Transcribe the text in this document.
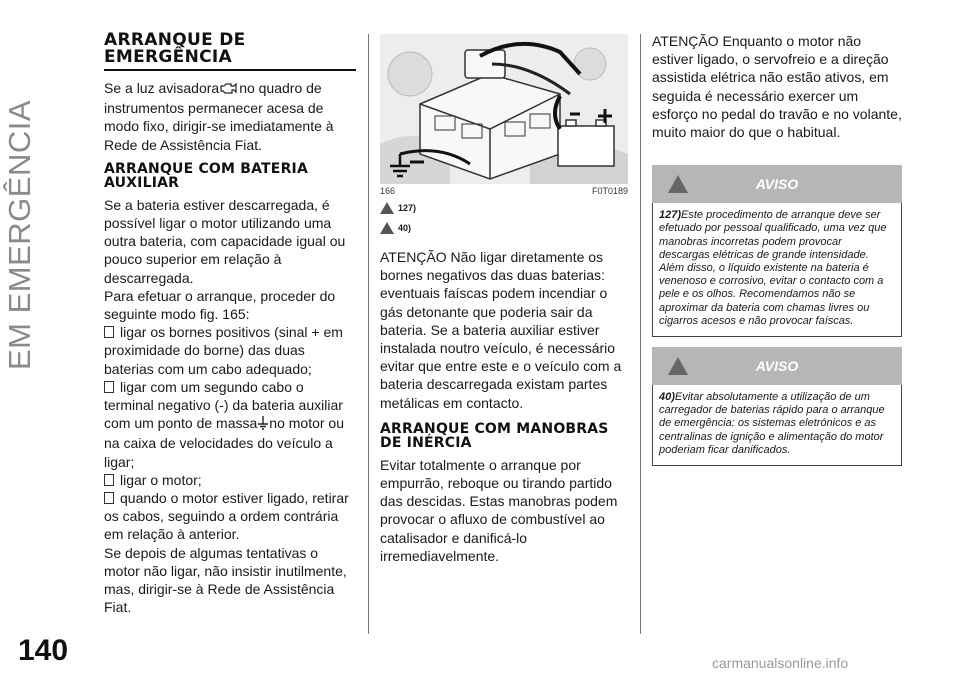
EM EMERGÊNCIA
140	carmanualsonline.info
ARRANQUE DE EMERGÊNCIA

Se a luz avisadora no quadro de instrumentos permanecer acesa de modo fixo, dirigir-se imediatamente à Rede de Assistência Fiat.

ARRANQUE COM BATERIA AUXILIAR

Se a bateria estiver descarregada, é possível ligar o motor utilizando uma outra bateria, com capacidade igual ou pouco superior em relação à descarregada.

Para efetuar o arranque, proceder do seguinte modo fig. 165:

ligar os bornes positivos (sinal + em proximidade do borne) das duas baterias com um cabo adequado;

ligar com um segundo cabo o terminal negativo (-) da bateria auxiliar com um ponto de massa no motor ou na caixa de velocidades do veículo a ligar;

ligar o motor;

quando o motor estiver ligado, retirar os cabos, seguindo a ordem contrária em relação à anterior.

Se depois de algumas tentativas o motor não ligar, não insistir inutilmente, mas, dirigir-se à Rede de Assistência Fiat.

166	F0T0189
127)
40)

ATENÇÃO Não ligar diretamente os bornes negativos das duas baterias: eventuais faíscas podem incendiar o gás detonante que poderia sair da bateria. Se a bateria auxiliar estiver instalada noutro veículo, é necessário evitar que entre este e o veículo com a bateria descarregada existam partes metálicas em contacto.

ARRANQUE COM MANOBRAS DE INÉRCIA

Evitar totalmente o arranque por empurrão, reboque ou tirando partido das descidas. Estas manobras podem provocar o afluxo de combustível ao catalisador e danificá-lo irremediavelmente.

ATENÇÃO Enquanto o motor não estiver ligado, o servofreio e a direção assistida elétrica não estão ativos, em seguida é necessário exercer um esforço no pedal do travão e no volante, muito maior do que o habitual.

AVISO
127)Este procedimento de arranque deve ser efetuado por pessoal qualificado, uma vez que manobras incorretas podem provocar descargas elétricas de grande intensidade. Além disso, o líquido existente na bateria é venenoso e corrosivo, evitar o contacto com a pele e os olhos. Recomendamos não se aproximar da bateria com chamas livres ou cigarros acesos e não provocar faíscas.
AVISO
40)Evitar absolutamente a utilização de um carregador de baterias rápido para o arranque de emergência: os sistemas eletrónicos e as centralinas de ignição e alimentação do motor poderiam ficar danificados.
